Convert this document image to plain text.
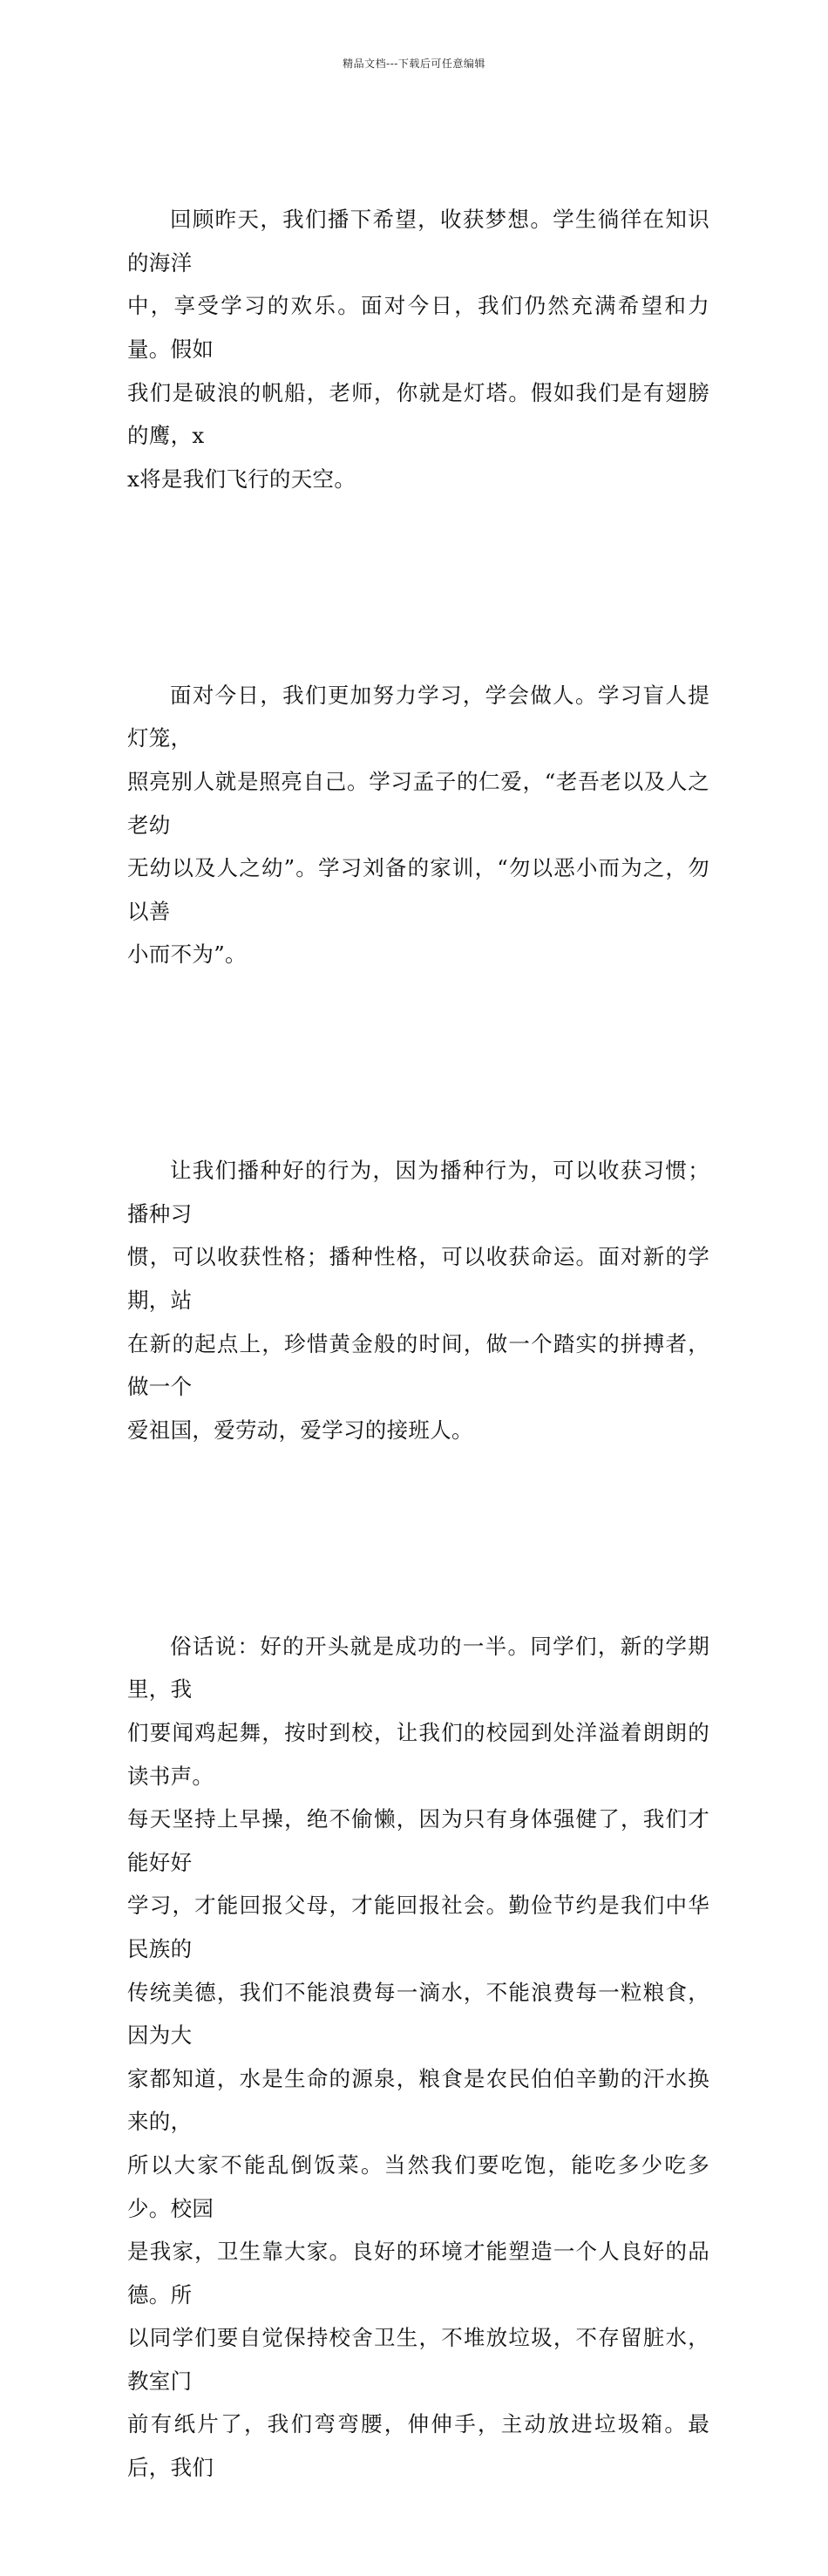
精品文档---下载后可任意编辑

回顾昨天，我们播下希望，收获梦想。学生徜徉在知识的海洋
中，享受学习的欢乐。面对今日，我们仍然充满希望和力量。假如
我们是破浪的帆船，老师，你就是灯塔。假如我们是有翅膀的鹰，x
x将是我们飞行的天空。

面对今日，我们更加努力学习，学会做人。学习盲人提灯笼，
照亮别人就是照亮自己。学习孟子的仁爱，“老吾老以及人之老幼
无幼以及人之幼”。学习刘备的家训，“勿以恶小而为之，勿以善
小而不为”。

让我们播种好的行为，因为播种行为，可以收获习惯；播种习
惯，可以收获性格；播种性格，可以收获命运。面对新的学期，站
在新的起点上，珍惜黄金般的时间，做一个踏实的拼搏者，做一个
爱祖国，爱劳动，爱学习的接班人。

俗话说：好的开头就是成功的一半。同学们，新的学期里，我
们要闻鸡起舞，按时到校，让我们的校园到处洋溢着朗朗的读书声。
每天坚持上早操，绝不偷懒，因为只有身体强健了，我们才能好好
学习，才能回报父母，才能回报社会。勤俭节约是我们中华民族的
传统美德，我们不能浪费每一滴水，不能浪费每一粒粮食，因为大
家都知道，水是生命的源泉，粮食是农民伯伯辛勤的汗水换来的，
所以大家不能乱倒饭菜。当然我们要吃饱，能吃多少吃多少。校园
是我家，卫生靠大家。良好的环境才能塑造一个人良好的品德。所
以同学们要自觉保持校舍卫生，不堆放垃圾，不存留脏水，教室门
前有纸片了，我们弯弯腰，伸伸手，主动放进垃圾箱。最后，我们
